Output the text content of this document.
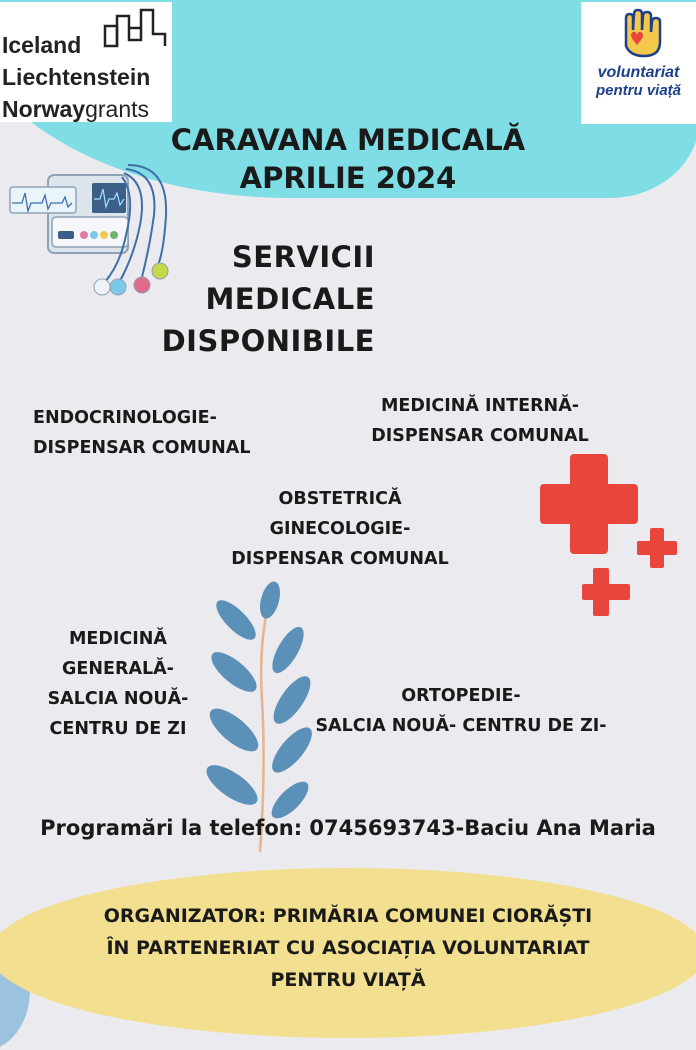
Iceland
Liechtenstein
Norwaygrants
voluntariat
pentru viață
CARAVANA MEDICALĂ
APRILIE 2024
SERVICII
MEDICALE
DISPONIBILE
ENDOCRINOLOGIE-
DISPENSAR COMUNAL
MEDICINĂ INTERNĂ-
DISPENSAR COMUNAL
OBSTETRICĂ
GINECOLOGIE-
DISPENSAR COMUNAL
MEDICINĂ
GENERALĂ-
SALCIA NOUĂ-
CENTRU DE ZI
ORTOPEDIE-
SALCIA NOUĂ- CENTRU DE ZI-
Programări la telefon: 0745693743-Baciu Ana Maria
ORGANIZATOR: PRIMĂRIA COMUNEI CIORĂȘTI
ÎN PARTENERIAT CU ASOCIAȚIA VOLUNTARIAT
PENTRU VIAȚĂ
